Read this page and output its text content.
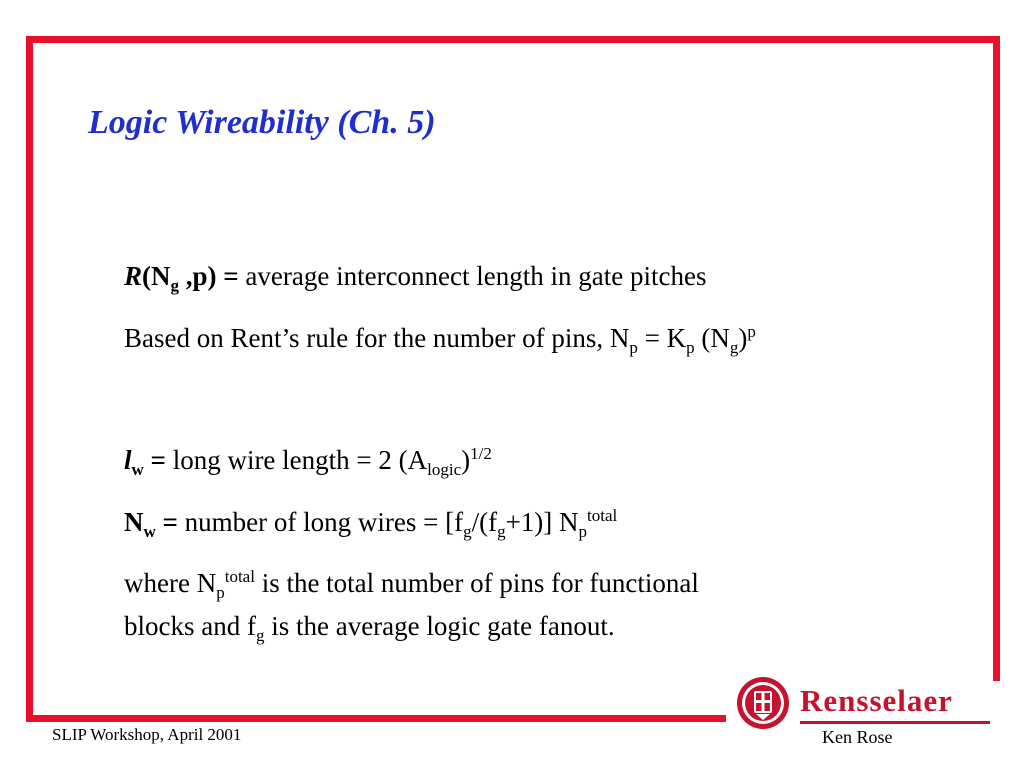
Logic Wireability (Ch. 5)
$R(N_g$ ,p) = average interconnect length in gate pitches
Based on Rent’s rule for the number of pins, $N_p = K_p$ $(N_g)^p$
$l_w$ = long wire length = 2 $(A_{logic})^{1/2}$
$N_w$ = number of long wires = $[f_g/(f_g+1)]$ $N_p^{total}$
where $N_p^{total}$ is the total number of pins for functional
blocks and $f_g$ is the average logic gate fanout.
Rensselaer
Ken Rose
SLIP Workshop, April 2001
